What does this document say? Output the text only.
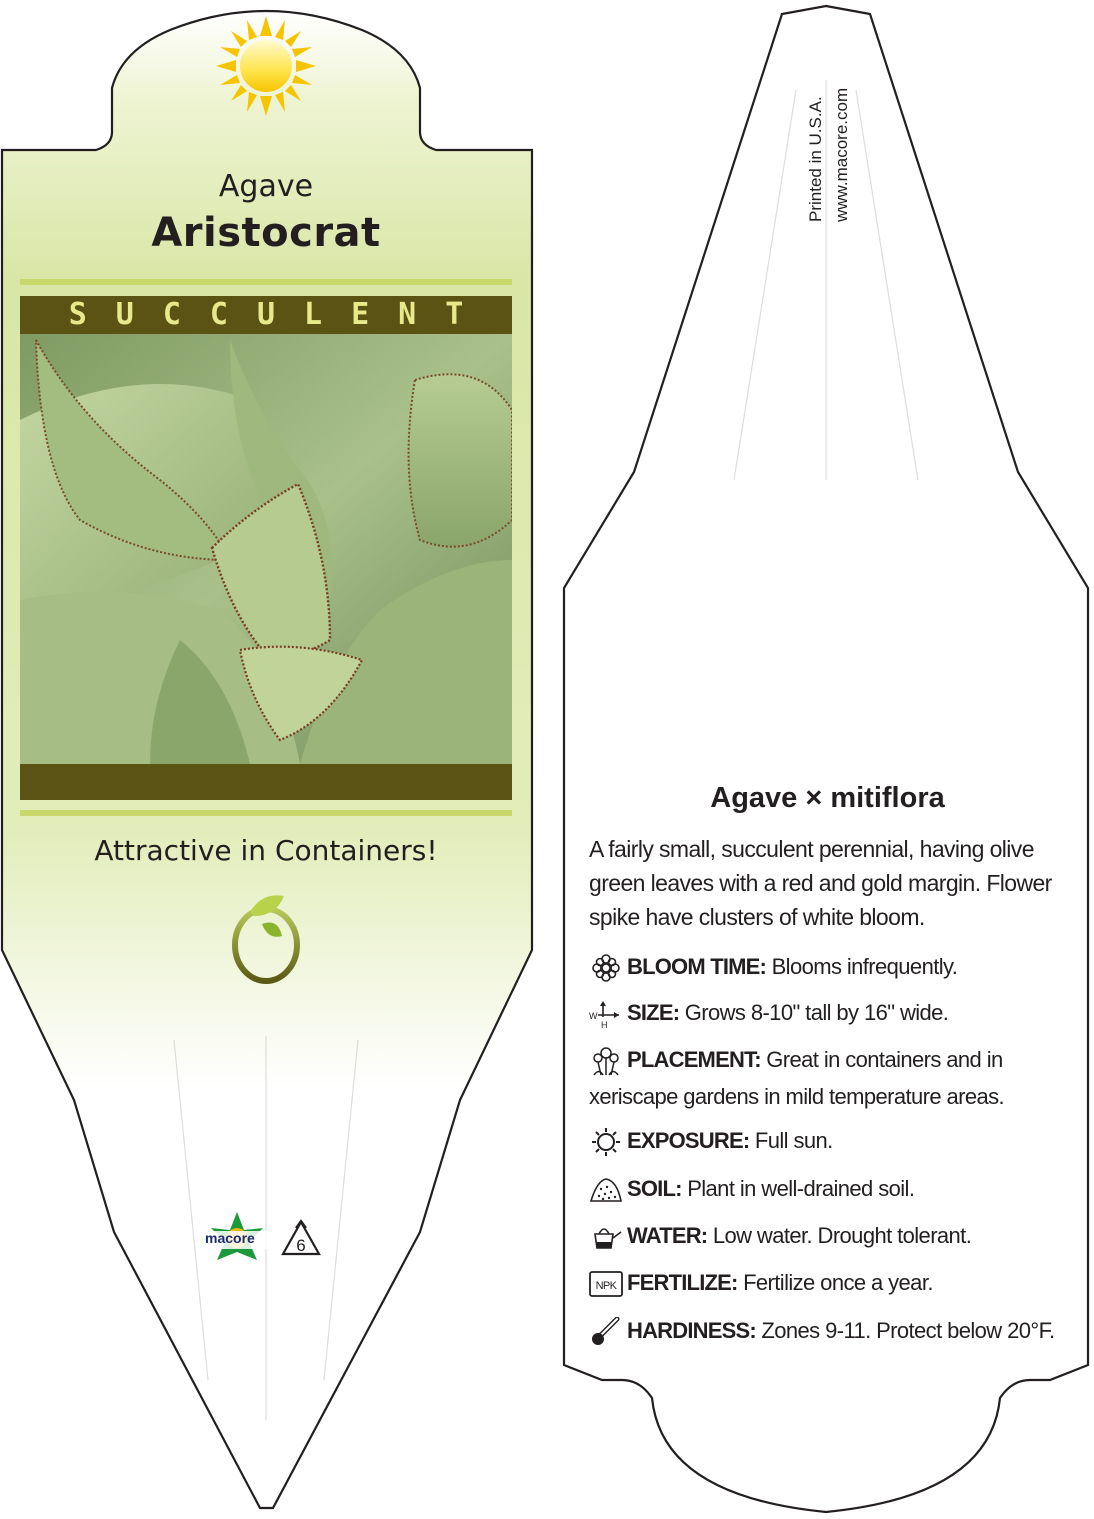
Agave
Aristocrat
SUCCULENT
Attractive in Containers!
macore	6
Printed in U.S.A. www.macore.com
Agave × mitiflora
A fairly small, succulent perennial, having olive green leaves with a red and gold margin. Flower spike have clusters of white bloom.
BLOOM TIME: Blooms infrequently.
W
H
SIZE: Grows 8-10" tall by 16" wide.
PLACEMENT: Great in containers and in xeriscape gardens in mild temperature areas.
EXPOSURE: Full sun.
SOIL: Plant in well-drained soil.
WATER: Low water. Drought tolerant.
NPK FERTILIZE: Fertilize once a year.
HARDINESS: Zones 9-11. Protect below 20°F.
